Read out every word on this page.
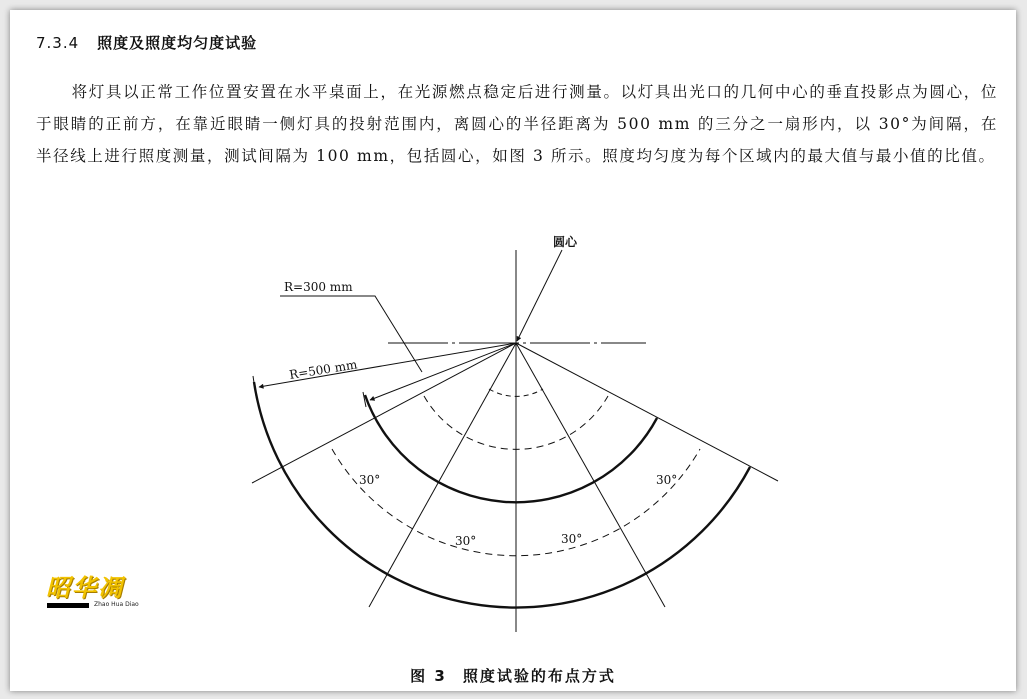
7.3.4 照度及照度均匀度试验

将灯具以正常工作位置安置在水平桌面上，在光源燃点稳定后进行测量。以灯具出光口的几何中心的垂直投影点为圆心，位于眼睛的正前方，在靠近眼睛一侧灯具的投射范围内，离圆心的半径距离为 500 mm 的三分之一扇形内，以 30°为间隔，在半径线上进行照度测量，测试间隔为 100 mm，包括圆心，如图 3 所示。照度均匀度为每个区域内的最大值与最小值的比值。

圆心
R=300 mm
R=500 mm
30°
30°	30°
30°
昭华凋
Zhao Hua Diao
图 3 照度试验的布点方式
